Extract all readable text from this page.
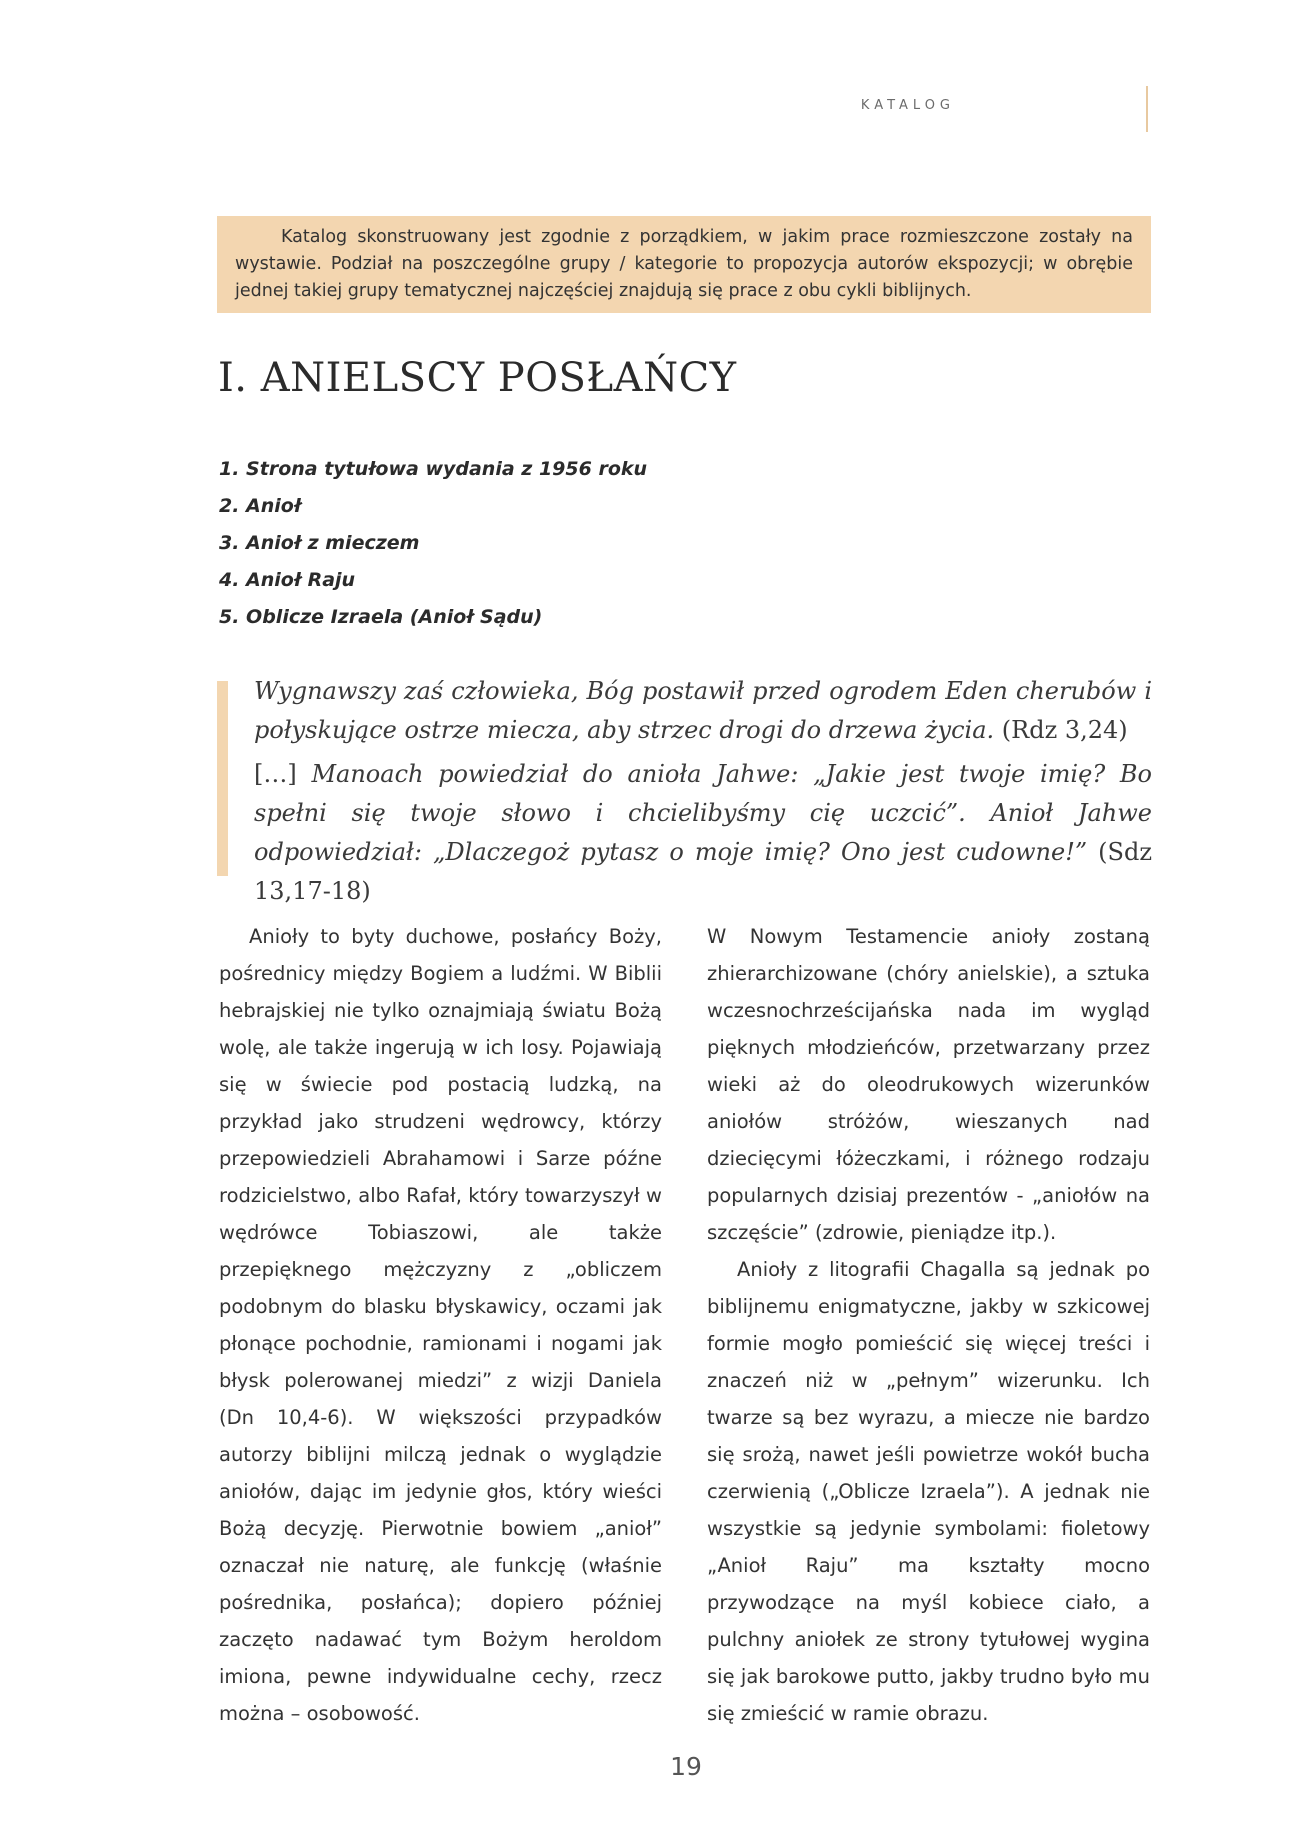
KATALOG
Katalog skonstruowany jest zgodnie z porządkiem, w jakim prace rozmieszczone zostały na wystawie. Podział na poszczególne grupy / kategorie to propozycja autorów ekspozycji; w obrębie jednej takiej grupy tematycznej najczęściej znajdują się prace z obu cykli biblijnych.
I. ANIELSCY POSŁAŃCY
1. Strona tytułowa wydania z 1956 roku
2. Anioł
3. Anioł z mieczem
4. Anioł Raju
5. Oblicze Izraela (Anioł Sądu)

Wygnawszy zaś człowieka, Bóg postawił przed ogrodem Eden cherubów i połyskujące ostrze miecza, aby strzec drogi do drzewa życia. (Rdz 3,24)

[…] Manoach powiedział do anioła Jahwe: „Jakie jest twoje imię? Bo spełni się twoje słowo i chcielibyśmy cię uczcić”. Anioł Jahwe odpowiedział: „Dlaczegoż pytasz o moje imię? Ono jest cudowne!” (Sdz 13,17-18)

Anioły to byty duchowe, posłańcy Boży, pośrednicy między Bogiem a ludźmi. W Biblii hebrajskiej nie tylko oznajmiają światu Bożą wolę, ale także ingerują w ich losy. Pojawiają się w świecie pod postacią ludzką, na przykład jako strudzeni wędrowcy, którzy przepowiedzieli Abrahamowi i Sarze późne rodzicielstwo, albo Rafał, który towarzyszył w wędrówce Tobiaszowi, ale także przepięknego mężczyzny z „obliczem podobnym do blasku błyskawicy, oczami jak płonące pochodnie, ramionami i nogami jak błysk polerowanej miedzi” z wizji Daniela (Dn 10,4-6). W większości przypadków autorzy biblijni milczą jednak o wyglądzie aniołów, dając im jedynie głos, który wieści Bożą decyzję. Pierwotnie bowiem „anioł” oznaczał nie naturę, ale funkcję (właśnie pośrednika, posłańca); dopiero później zaczęto nadawać tym Bożym heroldom imiona, pewne indywidualne cechy, rzecz można – osobowość.

W Nowym Testamencie anioły zostaną zhierarchizowane (chóry anielskie), a sztuka wczesnochrześcijańska nada im wygląd pięknych młodzieńców, przetwarzany przez wieki aż do oleodrukowych wizerunków aniołów stróżów, wieszanych nad dziecięcymi łóżeczkami, i różnego rodzaju popularnych dzisiaj prezentów - „aniołów na szczęście” (zdrowie, pieniądze itp.).

Anioły z litografii Chagalla są jednak po biblijnemu enigmatyczne, jakby w szkicowej formie mogło pomieścić się więcej treści i znaczeń niż w „pełnym” wizerunku. Ich twarze są bez wyrazu, a miecze nie bardzo się srożą, nawet jeśli powietrze wokół bucha czerwienią („Oblicze Izraela”). A jednak nie wszystkie są jedynie symbolami: fioletowy „Anioł Raju” ma kształty mocno przywodzące na myśl kobiece ciało, a pulchny aniołek ze strony tytułowej wygina się jak barokowe putto, jakby trudno było mu się zmieścić w ramie obrazu.

19
